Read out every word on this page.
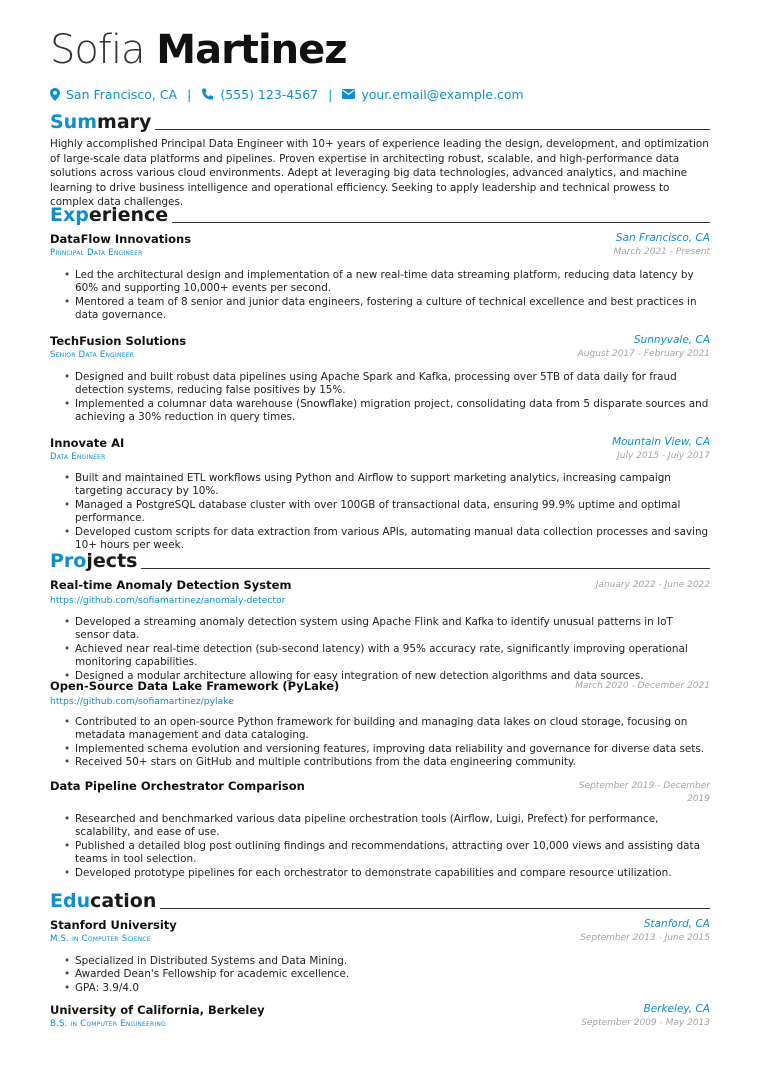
Sofia Martinez
San Francisco, CA | (555) 123-4567 | your.email@example.com
Summary

Highly accomplished Principal Data Engineer with 10+ years of experience leading the design, development, and optimization of large-scale data platforms and pipelines. Proven expertise in architecting robust, scalable, and high-performance data solutions across various cloud environments. Adept at leveraging big data technologies, advanced analytics, and machine learning to drive business intelligence and operational efficiency. Seeking to apply leadership and technical prowess to complex data challenges.

Experience
DataFlow Innovations	San Francisco, CA
Principal Data Engineer	March 2021 - Present
• Led the architectural design and implementation of a new real-time data streaming platform, reducing data latency by 60% and supporting 10,000+ events per second.
• Mentored a team of 8 senior and junior data engineers, fostering a culture of technical excellence and best practices in data governance.
TechFusion Solutions	Sunnyvale, CA
Senior Data Engineer	August 2017 - February 2021
• Designed and built robust data pipelines using Apache Spark and Kafka, processing over 5TB of data daily for fraud detection systems, reducing false positives by 15%.
• Implemented a columnar data warehouse (Snowflake) migration project, consolidating data from 5 disparate sources and achieving a 30% reduction in query times.
Innovate AI	Mountain View, CA
Data Engineer	July 2015 - July 2017
• Built and maintained ETL workflows using Python and Airflow to support marketing analytics, increasing campaign targeting accuracy by 10%.
• Managed a PostgreSQL database cluster with over 100GB of transactional data, ensuring 99.9% uptime and optimal performance.
• Developed custom scripts for data extraction from various APIs, automating manual data collection processes and saving 10+ hours per week.
Projects
Real-time Anomaly Detection System	January 2022 - June 2022
https://github.com/sofiamartinez/anomaly-detector
• Developed a streaming anomaly detection system using Apache Flink and Kafka to identify unusual patterns in IoT sensor data.
• Achieved near real-time detection (sub-second latency) with a 95% accuracy rate, significantly improving operational monitoring capabilities.
• Designed a modular architecture allowing for easy integration of new detection algorithms and data sources.
Open-Source Data Lake Framework (PyLake)	March 2020 - December 2021
https://github.com/sofiamartinez/pylake
• Contributed to an open-source Python framework for building and managing data lakes on cloud storage, focusing on metadata management and data cataloging.
• Implemented schema evolution and versioning features, improving data reliability and governance for diverse data sets.
• Received 50+ stars on GitHub and multiple contributions from the data engineering community.
Data Pipeline Orchestrator Comparison	September 2019 - December
2019
• Researched and benchmarked various data pipeline orchestration tools (Airflow, Luigi, Prefect) for performance, scalability, and ease of use.
• Published a detailed blog post outlining findings and recommendations, attracting over 10,000 views and assisting data teams in tool selection.
• Developed prototype pipelines for each orchestrator to demonstrate capabilities and compare resource utilization.
Education
Stanford University	Stanford, CA
M.S. in Computer Science	September 2013 - June 2015
• Specialized in Distributed Systems and Data Mining.
• Awarded Dean's Fellowship for academic excellence.
• GPA: 3.9/4.0
University of California, Berkeley	Berkeley, CA
B.S. in Computer Engineering	September 2009 - May 2013
